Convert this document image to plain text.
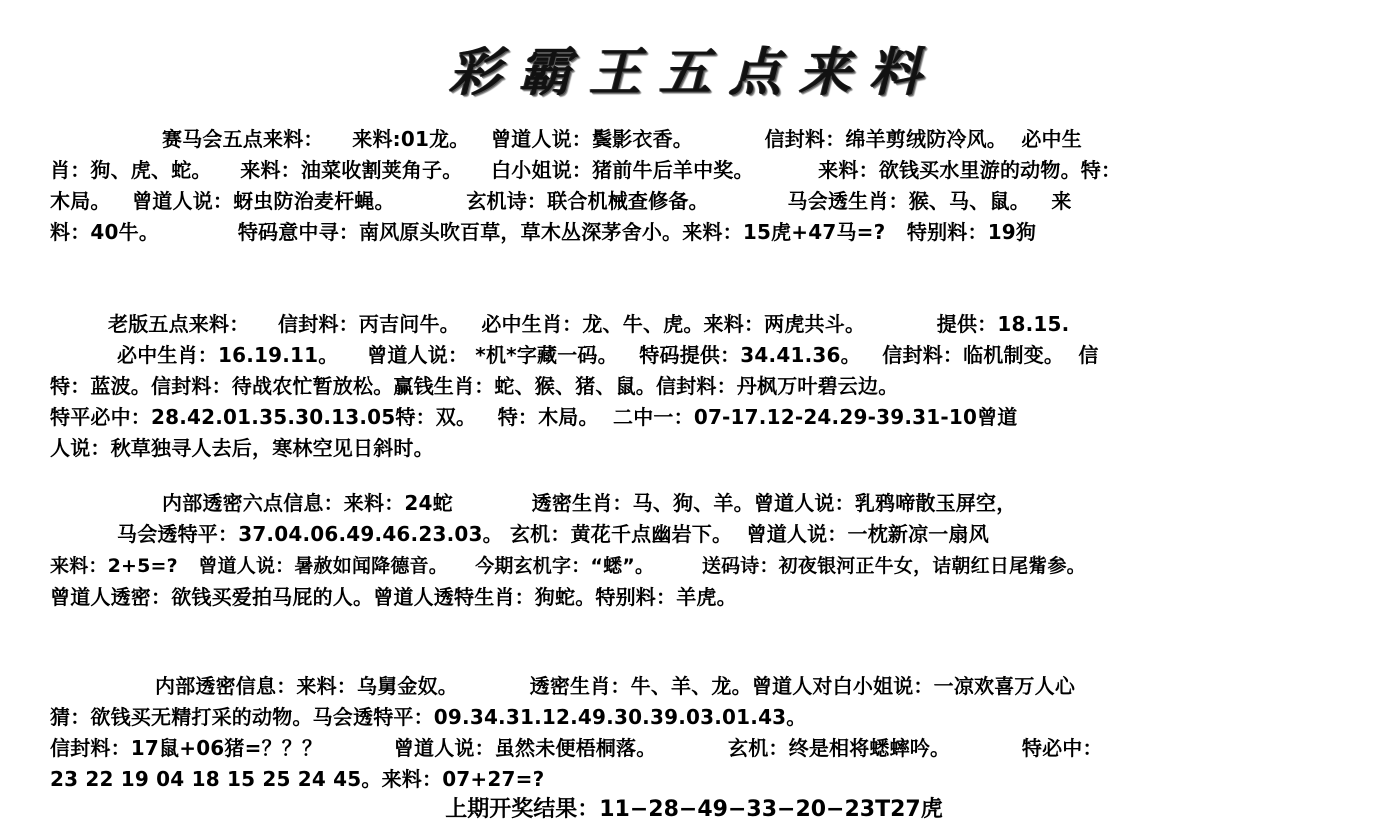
彩霸王五点来料
赛马会五点来料：    来料:01龙。   曾道人说：鬓影衣香。          信封料：绵羊剪绒防冷风。  必中生
肖：狗、虎、蛇。    来料：油菜收割荚角子。    白小姐说：猪前牛后羊中奖。         来料：欲钱买水里游的动物。特：
木局。   曾道人说：蚜虫防治麦杆蝇。          玄机诗：联合机械查修备。           马会透生肖：猴、马、鼠。   来
料：40牛。           特码意中寻：南风原头吹百草，草木丛深茅舍小。来料：15虎+47马=?   特别料：19狗
老版五点来料：    信封料：丙吉问牛。   必中生肖：龙、牛、虎。来料：两虎共斗。          提供：18.15.
必中生肖：16.19.11。    曾道人说： *机*字藏一码。   特码提供：34.41.36。   信封料：临机制变。  信
特：蓝波。信封料：待战农忙暂放松。赢钱生肖：蛇、猴、猪、鼠。信封料：丹枫万叶碧云边。
特平必中：28.42.01.35.30.13.05特：双。   特：木局。  二中一：07-17.12-24.29-39.31-10曾道
人说：秋草独寻人去后，寒林空见日斜时。
内部透密六点信息：来料：24蛇           透密生肖：马、狗、羊。曾道人说：乳鸦啼散玉屏空，
马会透特平：37.04.06.49.46.23.03。 玄机：黄花千点幽岩下。  曾道人说：一枕新凉一扇风
来料：2+5=?   曾道人说：暑赦如闻降德音。    今期玄机字：“蟋”。       送码诗：初夜银河正牛女，诘朝红日尾觜参。
曾道人透密：欲钱买爱拍马屁的人。曾道人透特生肖：狗蛇。特别料：羊虎。
内部透密信息：来料：乌舅金奴。          透密生肖：牛、羊、龙。曾道人对白小姐说：一凉欢喜万人心
猜：欲钱买无精打采的动物。马会透特平：09.34.31.12.49.30.39.03.01.43。
信封料：17鼠+06猪=？？？          曾道人说：虽然未便梧桐落。          玄机：终是相将蟋蟀吟。          特必中：
23 22 19 04 18 15 25 24 45。来料：07+27=?
上期开奖结果：11−28−49−33−20−23T27虎
